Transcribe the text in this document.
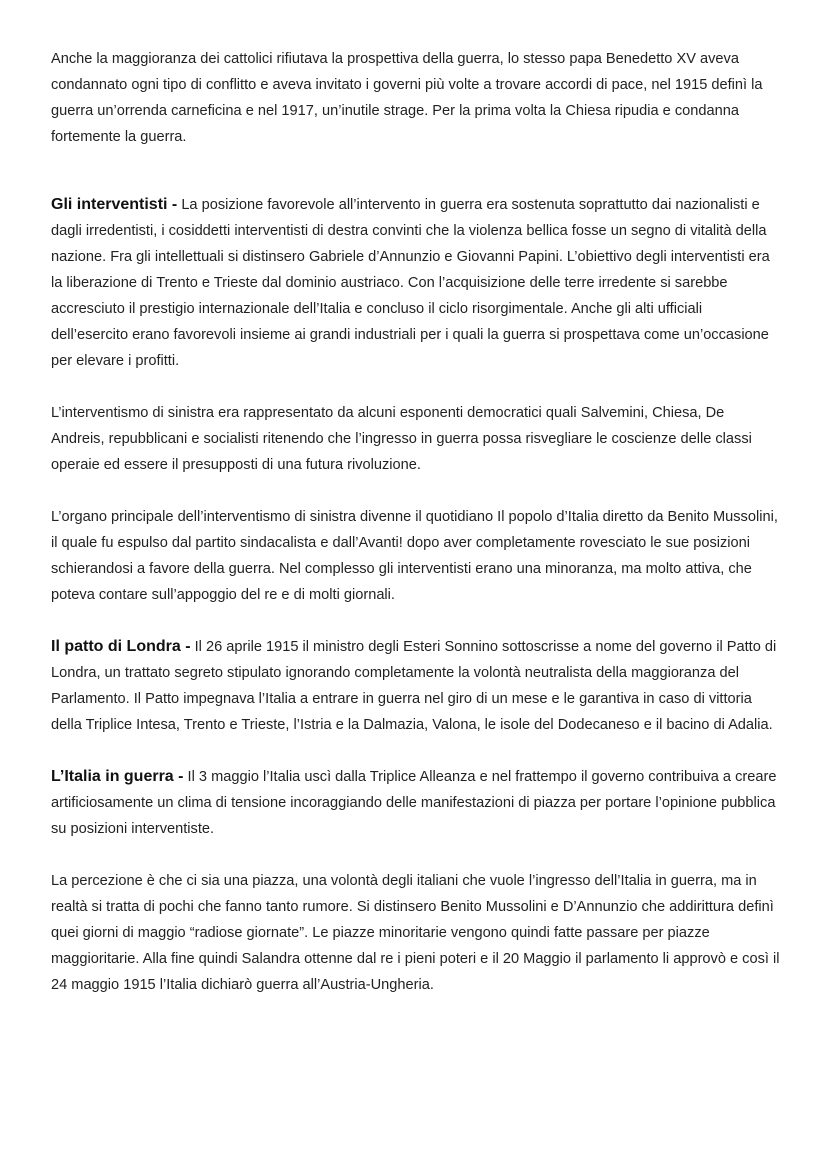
Anche la maggioranza dei cattolici rifiutava la prospettiva della guerra, lo stesso papa Benedetto XV aveva condannato ogni tipo di conflitto e aveva invitato i governi più volte a trovare accordi di pace, nel 1915 definì la guerra un’orrenda carneficina e nel 1917, un’inutile strage. Per la prima volta la Chiesa ripudia e condanna fortemente la guerra.

Gli interventisti - La posizione favorevole all’intervento in guerra era sostenuta soprattutto dai nazionalisti e dagli irredentisti, i cosiddetti interventisti di destra convinti che la violenza bellica fosse un segno di vitalità della nazione. Fra gli intellettuali si distinsero Gabriele d’Annunzio e Giovanni Papini. L’obiettivo degli interventisti era la liberazione di Trento e Trieste dal dominio austriaco. Con l’acquisizione delle terre irredente si sarebbe accresciuto il prestigio internazionale dell’Italia e concluso il ciclo risorgimentale. Anche gli alti ufficiali dell’esercito erano favorevoli insieme ai grandi industriali per i quali la guerra si prospettava come un’occasione per elevare i profitti.

L’interventismo di sinistra era rappresentato da alcuni esponenti democratici quali Salvemini, Chiesa, De Andreis, repubblicani e socialisti ritenendo che l’ingresso in guerra possa risvegliare le coscienze delle classi operaie ed essere il presupposti di una futura rivoluzione.

L’organo principale dell’interventismo di sinistra divenne il quotidiano Il popolo d’Italia diretto da Benito Mussolini, il quale fu espulso dal partito sindacalista e dall’Avanti! dopo aver completamente rovesciato le sue posizioni schierandosi a favore della guerra. Nel complesso gli interventisti erano una minoranza, ma molto attiva, che poteva contare sull’appoggio del re e di molti giornali.

Il patto di Londra - Il 26 aprile 1915 il ministro degli Esteri Sonnino sottoscrisse a nome del governo il Patto di Londra, un trattato segreto stipulato ignorando completamente la volontà neutralista della maggioranza del Parlamento. Il Patto impegnava l’Italia a entrare in guerra nel giro di un mese e le garantiva in caso di vittoria della Triplice Intesa, Trento e Trieste, l’Istria e la Dalmazia, Valona, le isole del Dodecaneso e il bacino di Adalia.

L’Italia in guerra - Il 3 maggio l’Italia uscì dalla Triplice Alleanza e nel frattempo il governo contribuiva a creare artificiosamente un clima di tensione incoraggiando delle manifestazioni di piazza per portare l’opinione pubblica su posizioni interventiste.

La percezione è che ci sia una piazza, una volontà degli italiani che vuole l’ingresso dell’Italia in guerra, ma in realtà si tratta di pochi che fanno tanto rumore. Si distinsero Benito Mussolini e D’Annunzio che addirittura definì quei giorni di maggio “radiose giornate”. Le piazze minoritarie vengono quindi fatte passare per piazze maggioritarie. Alla fine quindi Salandra ottenne dal re i pieni poteri e il 20 Maggio il parlamento li approvò e così il 24 maggio 1915 l’Italia dichiarò guerra all’Austria-Ungheria.
